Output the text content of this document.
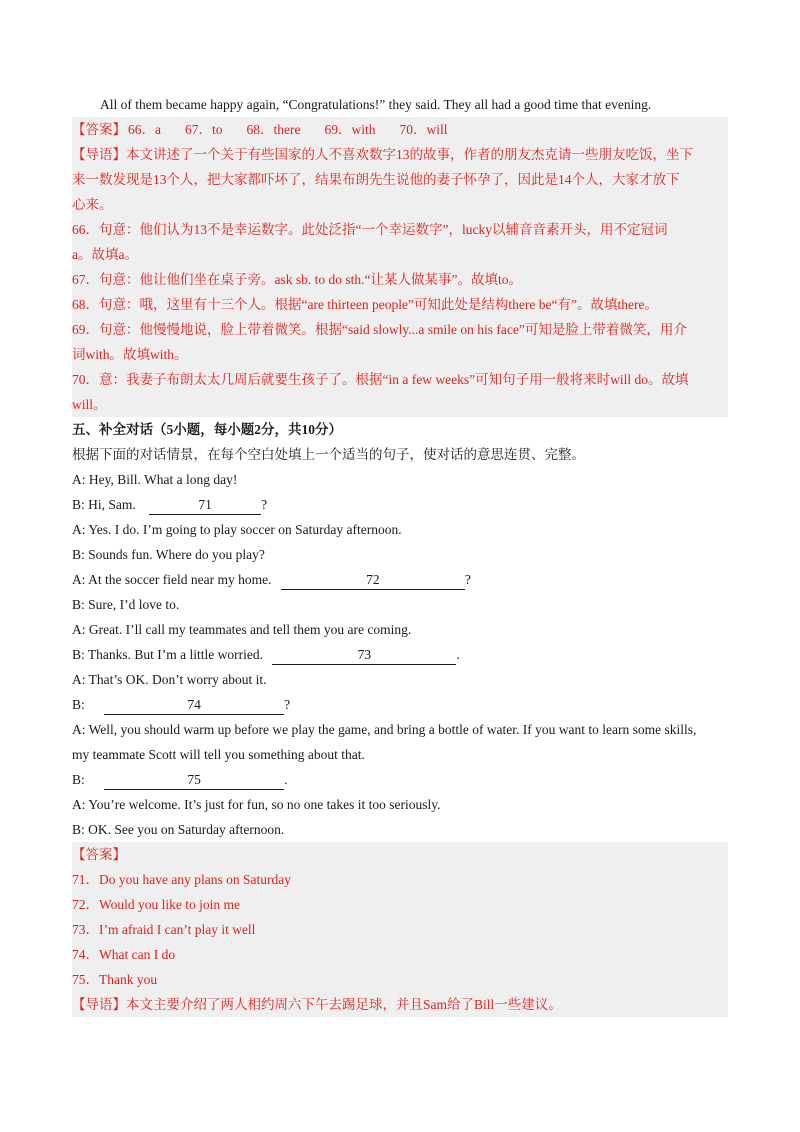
All of them became happy again, “Congratulations!” they said. They all had a good time that evening.
【答案】 66．a 67．to 68．there 69．with 70．will
【导语】本文讲述了一个关于有些国家的人不喜欢数字13的故事，作者的朋友杰克请一些朋友吃饭，坐下
来一数发现是13个人，把大家都吓坏了，结果布朗先生说他的妻子怀孕了，因此是14个人，大家才放下
心来。
66．句意：他们认为13不是幸运数字。此处泛指“一个幸运数字”，lucky以辅音音素开头，用不定冠词
a。故填a。
67．句意：他让他们坐在桌子旁。ask sb. to do sth.“让某人做某事”。故填to。
68．句意：哦，这里有十三个人。根据“are thirteen people”可知此处是结构there be“有”。故填there。
69．句意：他慢慢地说，脸上带着微笑。根据“said slowly...a smile on his face”可知是脸上带着微笑，用介
词with。故填with。
70．意：我妻子布朗太太几周后就要生孩子了。根据“in a few weeks”可知句子用一般将来时will do。故填
will。
五、补全对话（5小题，每小题2分，共10分）
根据下面的对话情景，在每个空白处填上一个适当的句子，使对话的意思连贯、完整。
A: Hey, Bill. What a long day!
B: Hi, Sam.	71	?
A: Yes. I do. I’m going to play soccer on Saturday afternoon.
B: Sounds fun. Where do you play?
A: At the soccer field near my home.	72	?
B: Sure, I’d love to.
A: Great. I’ll call my teammates and tell them you are coming.
B: Thanks. But I’m a little worried.	73	.
A: That’s OK. Don’t worry about it.
B:	74	?
A: Well, you should warm up before we play the game, and bring a bottle of water. If you want to learn some skills,
my teammate Scott will tell you something about that.
B:	75	.
A: You’re welcome. It’s just for fun, so no one takes it too seriously.
B: OK. See you on Saturday afternoon.
【答案】
71．Do you have any plans on Saturday
72．Would you like to join me
73．I’m afraid I can’t play it well
74．What can I do
75．Thank you
【导语】本文主要介绍了两人相约周六下午去踢足球，并且Sam给了Bill一些建议。
